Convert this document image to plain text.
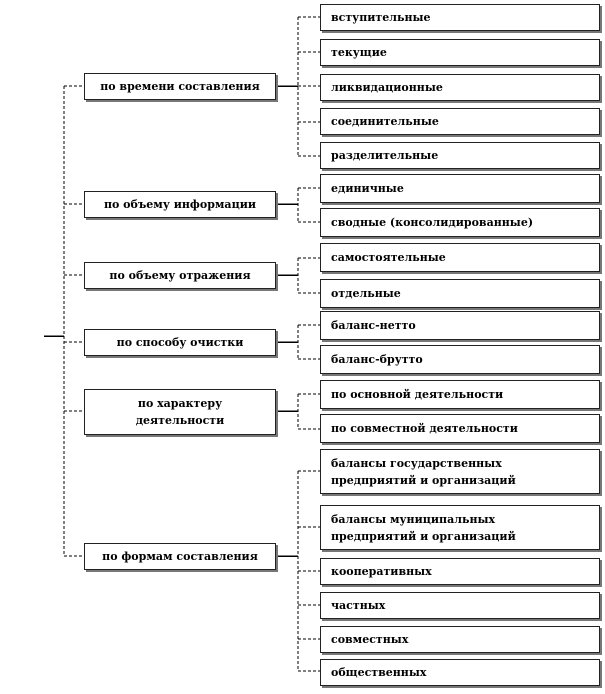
по времени составления
по объему информации
по объему отражения
по способу очистки
по характеру
деятельности
по формам составления
вступительные
текущие
ликвидационные
соединительные
разделительные
единичные
сводные (консолидированные)
самостоятельные
отдельные
баланс-нетто
баланс-брутто
по основной деятельности
по совместной деятельности
балансы государственных
предприятий и организаций
балансы муниципальных
предприятий и организаций
кооперативных
частных
совместных
общественных
